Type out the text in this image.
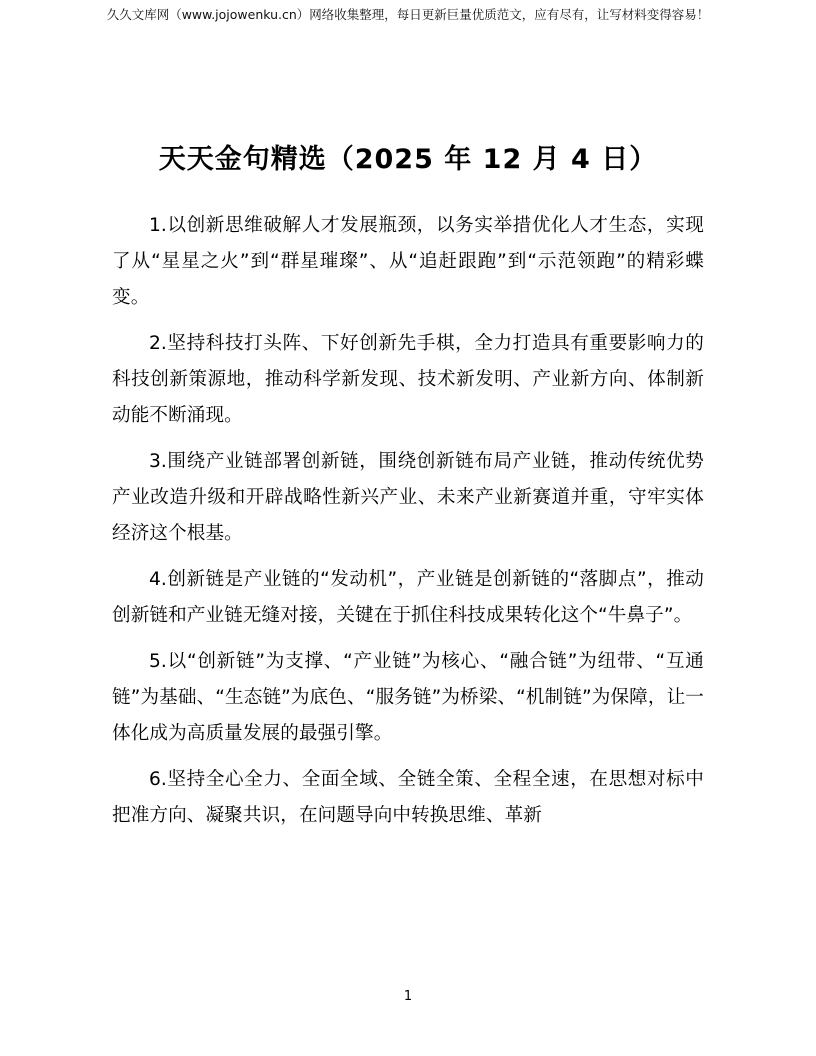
久久文库网（www.jojowenku.cn）网络收集整理，每日更新巨量优质范文，应有尽有，让写材料变得容易！
天天金句精选（2025 年 12 月 4 日）

1.以创新思维破解人才发展瓶颈，以务实举措优化人才生态，实现了从“星星之火”到“群星璀璨”、从“追赶跟跑”到“示范领跑”的精彩蝶变。

2.坚持科技打头阵、下好创新先手棋，全力打造具有重要影响力的科技创新策源地，推动科学新发现、技术新发明、产业新方向、体制新动能不断涌现。

3.围绕产业链部署创新链，围绕创新链布局产业链，推动传统优势产业改造升级和开辟战略性新兴产业、未来产业新赛道并重，守牢实体经济这个根基。

4.创新链是产业链的“发动机”，产业链是创新链的“落脚点”，推动创新链和产业链无缝对接，关键在于抓住科技成果转化这个“牛鼻子”。

5.以“创新链”为支撑、“产业链”为核心、“融合链”为纽带、“互通链”为基础、“生态链”为底色、“服务链”为桥梁、“机制链”为保障，让一体化成为高质量发展的最强引擎。

6.坚持全心全力、全面全域、全链全策、全程全速，在思想对标中把准方向、凝聚共识，在问题导向中转换思维、革新

1
